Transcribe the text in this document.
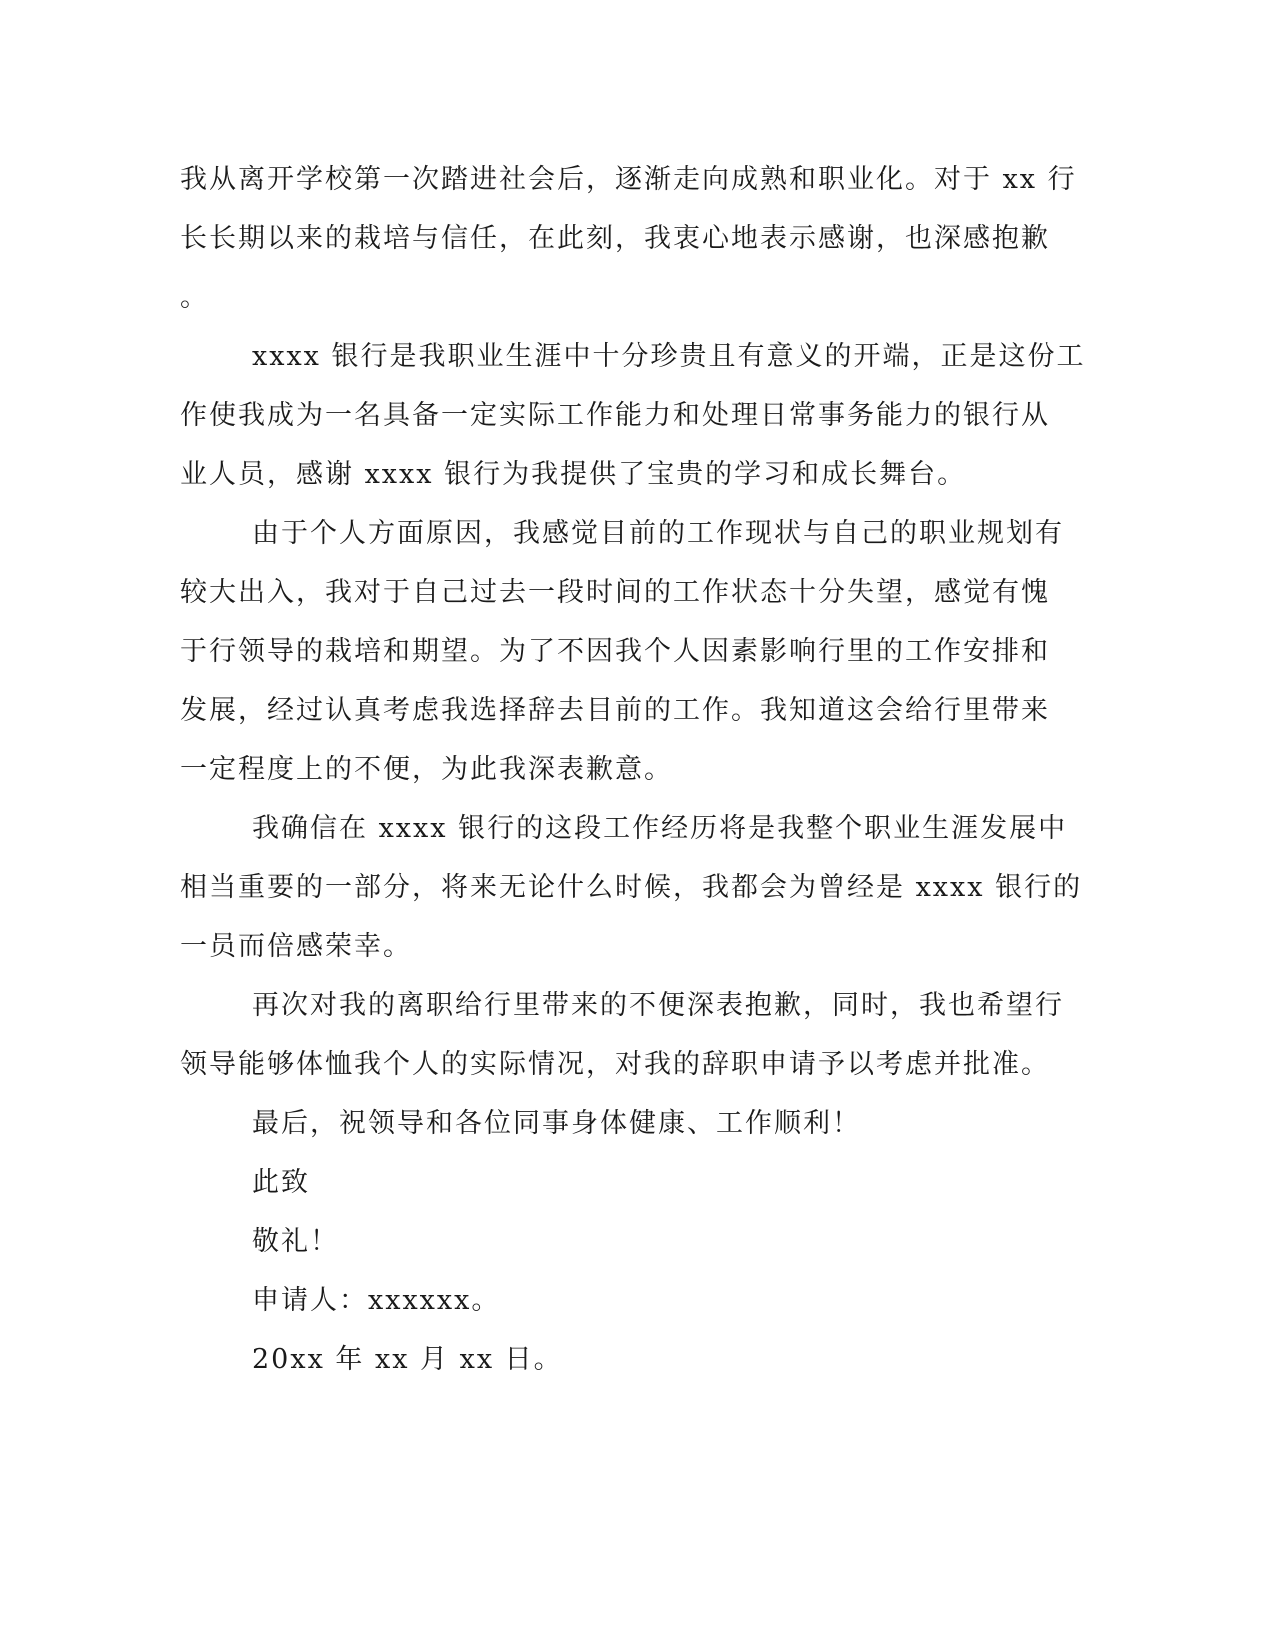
我从离开学校第一次踏进社会后，逐渐走向成熟和职业化。对于 xx 行
长长期以来的栽培与信任，在此刻，我衷心地表示感谢，也深感抱歉
。
xxxx 银行是我职业生涯中十分珍贵且有意义的开端，正是这份工
作使我成为一名具备一定实际工作能力和处理日常事务能力的银行从
业人员，感谢 xxxx 银行为我提供了宝贵的学习和成长舞台。
由于个人方面原因，我感觉目前的工作现状与自己的职业规划有
较大出入，我对于自己过去一段时间的工作状态十分失望，感觉有愧
于行领导的栽培和期望。为了不因我个人因素影响行里的工作安排和
发展，经过认真考虑我选择辞去目前的工作。我知道这会给行里带来
一定程度上的不便，为此我深表歉意。
我确信在 xxxx 银行的这段工作经历将是我整个职业生涯发展中
相当重要的一部分，将来无论什么时候，我都会为曾经是 xxxx 银行的
一员而倍感荣幸。
再次对我的离职给行里带来的不便深表抱歉，同时，我也希望行
领导能够体恤我个人的实际情况，对我的辞职申请予以考虑并批准。
最后，祝领导和各位同事身体健康、工作顺利！
此致
敬礼！
申请人：xxxxxx。
20xx 年 xx 月 xx 日。
